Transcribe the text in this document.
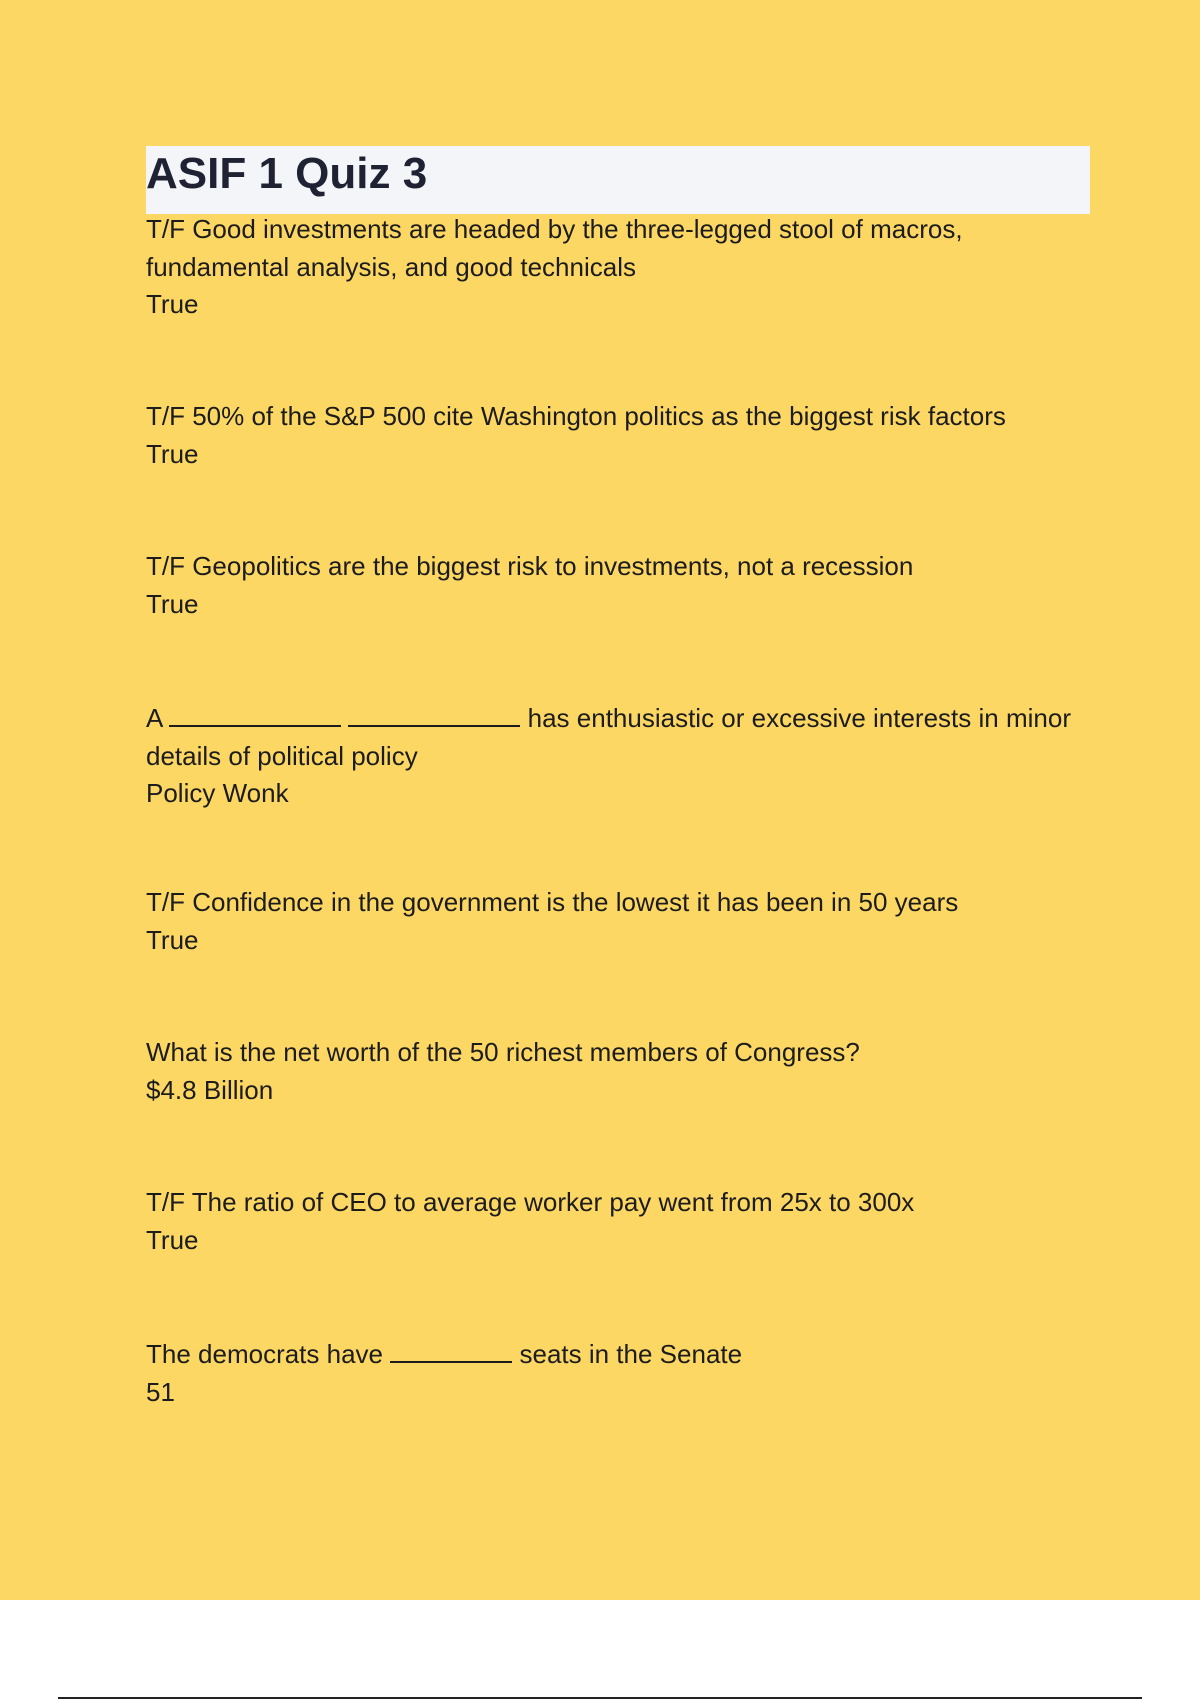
ASIF 1 Quiz 3

T/F Good investments are headed by the three-legged stool of macros, fundamental analysis, and good technicals

True

T/F 50% of the S&P 500 cite Washington politics as the biggest risk factors

True

T/F Geopolitics are the biggest risk to investments, not a recession

True

A	has enthusiastic or excessive interests in minor details of political policy

Policy Wonk

T/F Confidence in the government is the lowest it has been in 50 years

True

What is the net worth of the 50 richest members of Congress?

$4.8 Billion

T/F The ratio of CEO to average worker pay went from 25x to 300x

True

The democrats have	seats in the Senate

51
